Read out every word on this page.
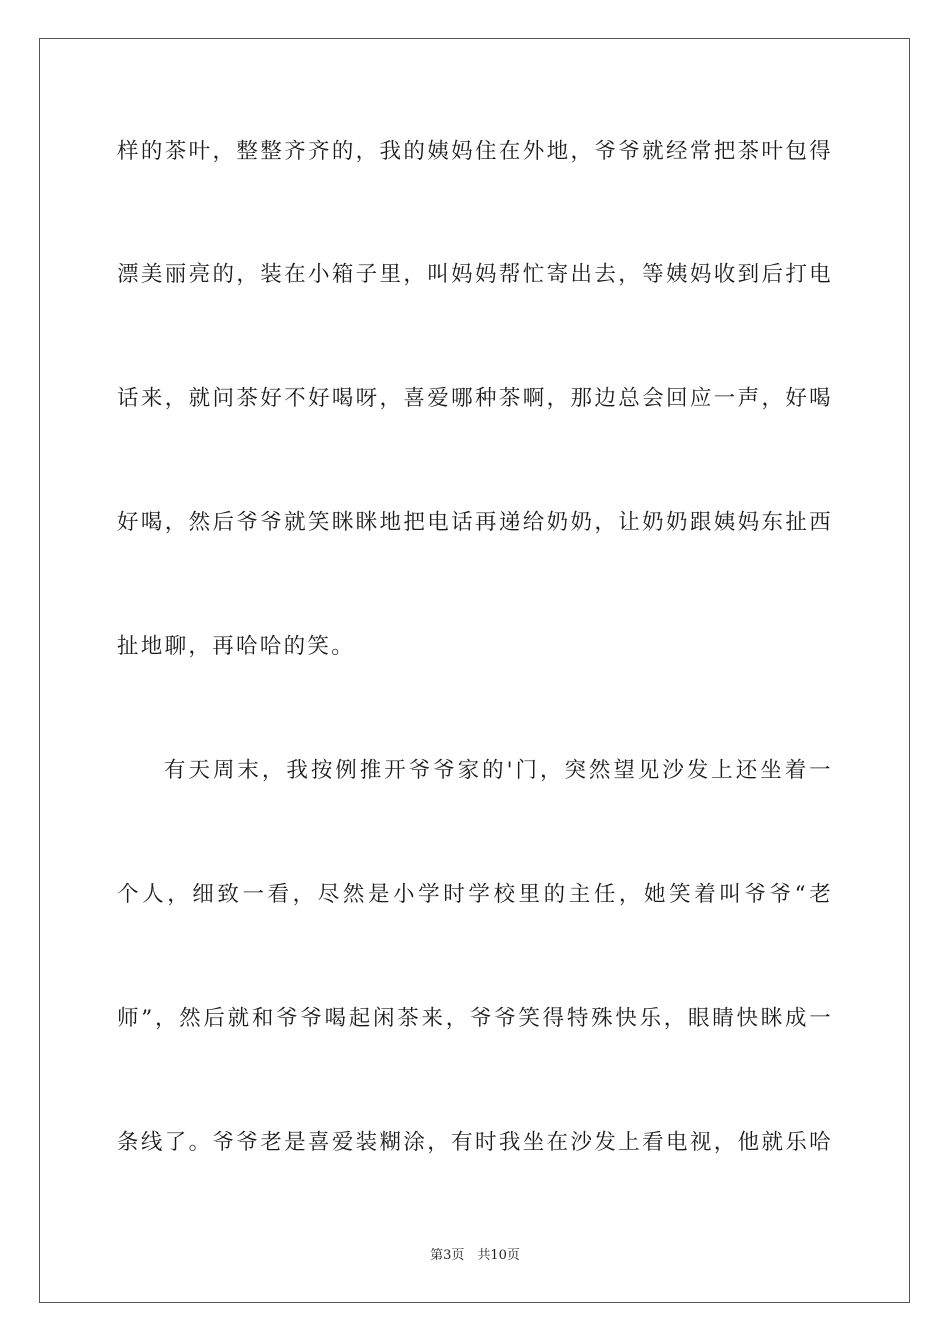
样的茶叶，整整齐齐的，我的姨妈住在外地，爷爷就经常把茶叶包得
漂美丽亮的，装在小箱子里，叫妈妈帮忙寄出去，等姨妈收到后打电
话来，就问茶好不好喝呀，喜爱哪种茶啊，那边总会回应一声，好喝
好喝，然后爷爷就笑眯眯地把电话再递给奶奶，让奶奶跟姨妈东扯西
扯地聊，再哈哈的笑。
有天周末，我按例推开爷爷家的'门，突然望见沙发上还坐着一
个人，细致一看，尽然是小学时学校里的主任，她笑着叫爷爷“老
师”，然后就和爷爷喝起闲茶来，爷爷笑得特殊快乐，眼睛快眯成一
条线了。爷爷老是喜爱装糊涂，有时我坐在沙发上看电视，他就乐哈
第3页　共10页
